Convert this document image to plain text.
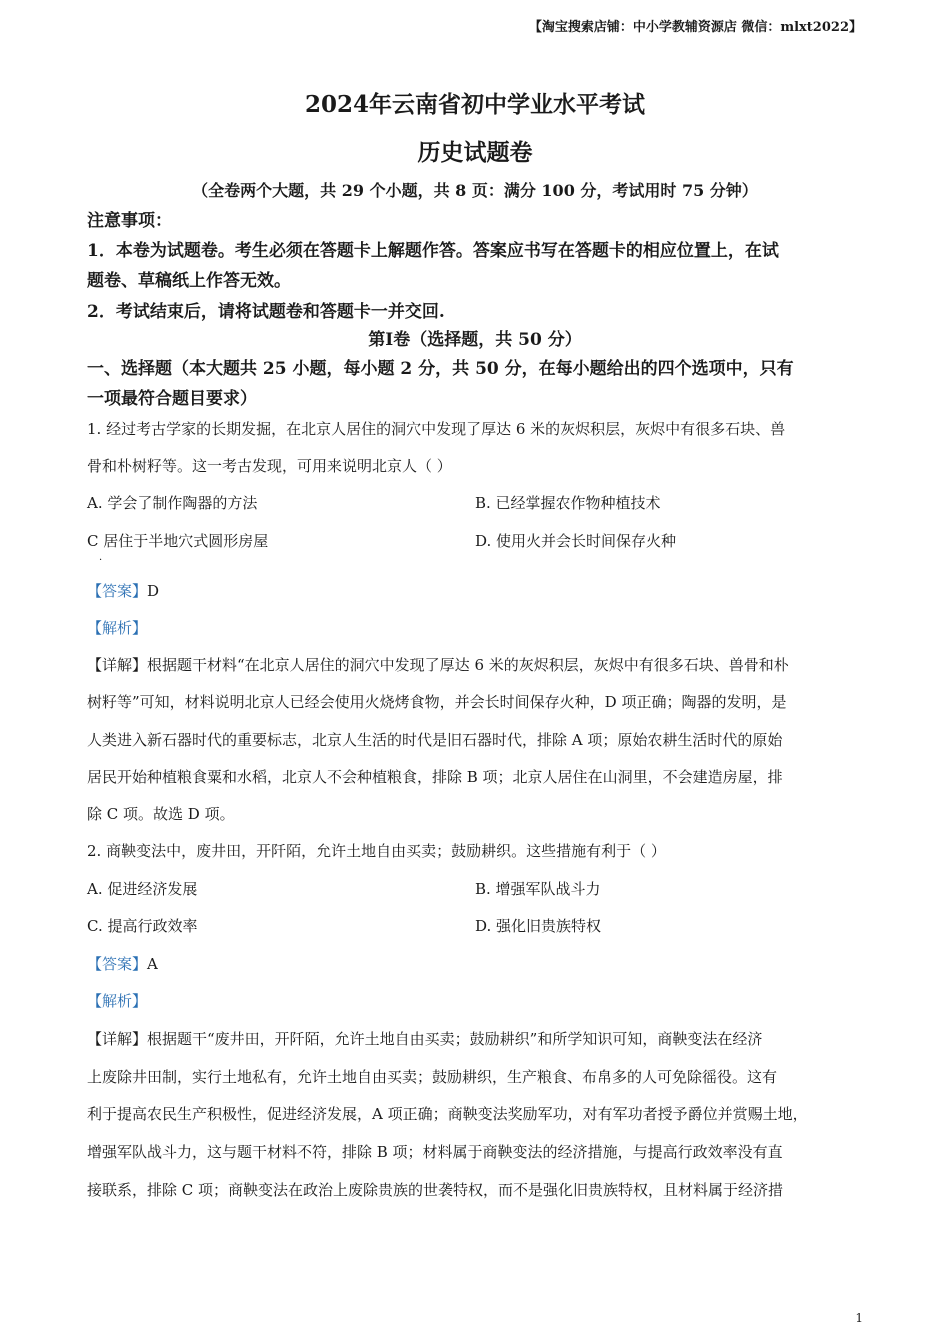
【淘宝搜索店铺：中小学教辅资源店 微信：mlxt2022】
2024年云南省初中学业水平考试
历史试题卷
（全卷两个大题，共 29 个小题，共 8 页：满分 100 分，考试用时 75 分钟）
注意事项：
1．本卷为试题卷。考生必须在答题卡上解题作答。答案应书写在答题卡的相应位置上，在试
题卷、草稿纸上作答无效。
2．考试结束后，请将试题卷和答题卡一并交回.
第Ⅰ卷（选择题，共 50 分）
一、选择题（本大题共 25 小题，每小题 2 分，共 50 分，在每小题给出的四个选项中，只有
一项最符合题目要求）
1. 经过考古学家的长期发掘，在北京人居住的洞穴中发现了厚达 6 米的灰烬积层，灰烬中有很多石块、兽
骨和朴树籽等。这一考古发现，可用来说明北京人（ ）
A. 学会了制作陶器的方法	B. 已经掌握农作物种植技术
C 居住于半地穴式圆形房屋
·
D. 使用火并会长时间保存火种
【答案】D
【解析】
【详解】根据题干材料“在北京人居住的洞穴中发现了厚达 6 米的灰烬积层，灰烬中有很多石块、兽骨和朴
树籽等”可知，材料说明北京人已经会使用火烧烤食物，并会长时间保存火种，D 项正确；陶器的发明，是
人类进入新石器时代的重要标志，北京人生活的时代是旧石器时代，排除 A 项；原始农耕生活时代的原始
居民开始种植粮食粟和水稻，北京人不会种植粮食，排除 B 项；北京人居住在山洞里，不会建造房屋，排
除 C 项。故选 D 项。
2. 商鞅变法中，废井田，开阡陌，允许土地自由买卖；鼓励耕织。这些措施有利于（ ）
A. 促进经济发展	B. 增强军队战斗力
C. 提高行政效率	D. 强化旧贵族特权
【答案】A
【解析】
【详解】根据题干“废井田，开阡陌，允许土地自由买卖；鼓励耕织”和所学知识可知，商鞅变法在经济
上废除井田制，实行土地私有，允许土地自由买卖；鼓励耕织，生产粮食、布帛多的人可免除徭役。这有
利于提高农民生产积极性，促进经济发展，A 项正确；商鞅变法奖励军功，对有军功者授予爵位并赏赐土地，
增强军队战斗力，这与题干材料不符，排除 B 项；材料属于商鞅变法的经济措施，与提高行政效率没有直
接联系，排除 C 项；商鞅变法在政治上废除贵族的世袭特权，而不是强化旧贵族特权，且材料属于经济措
1
